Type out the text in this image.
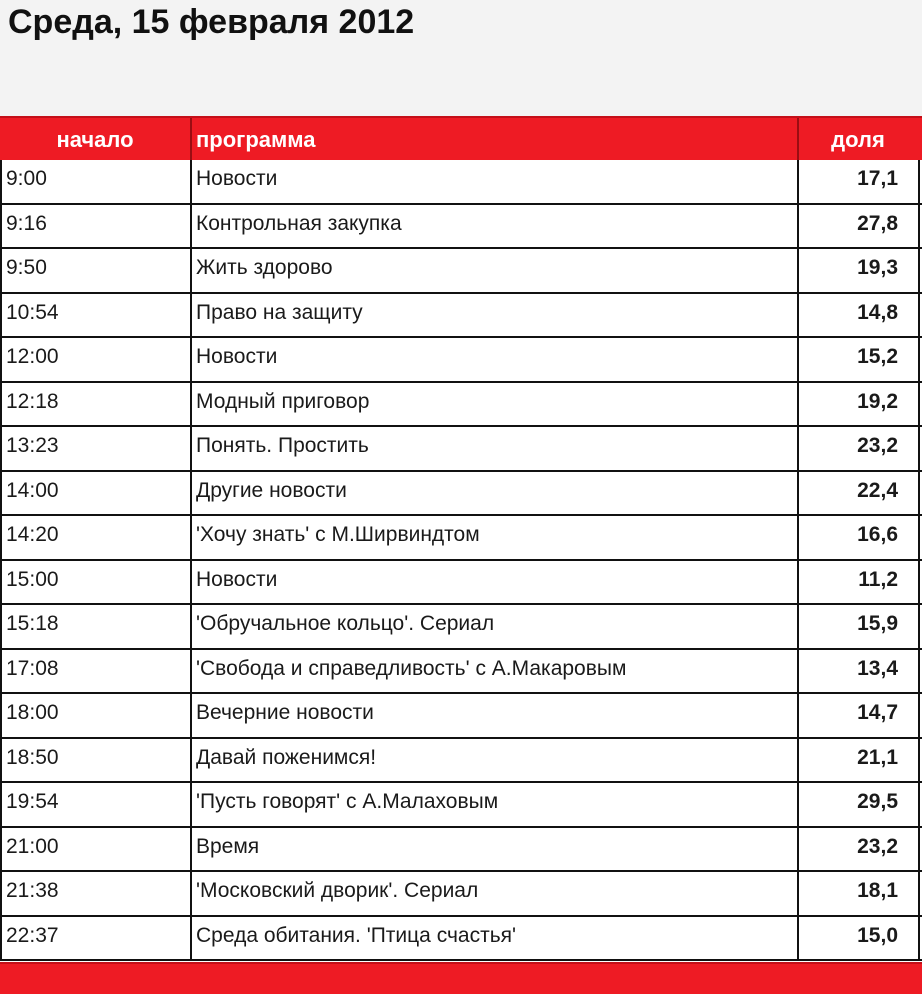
Среда, 15 февраля 2012
начало	программа	доля
9:00	Новости	17,1
9:16	Контрольная закупка	27,8
9:50	Жить здорово	19,3
10:54	Право на защиту	14,8
12:00	Новости	15,2
12:18	Модный приговор	19,2
13:23	Понять. Простить	23,2
14:00	Другие новости	22,4
14:20	'Хочу знать' с М.Ширвиндтом	16,6
15:00	Новости	11,2
15:18	'Обручальное кольцо'. Сериал	15,9
17:08	'Свобода и справедливость' с А.Макаровым	13,4
18:00	Вечерние новости	14,7
18:50	Давай поженимся!	21,1
19:54	'Пусть говорят' с А.Малаховым	29,5
21:00	Время	23,2
21:38	'Московский дворик'. Сериал	18,1
22:37	Среда обитания. 'Птица счастья'	15,0
